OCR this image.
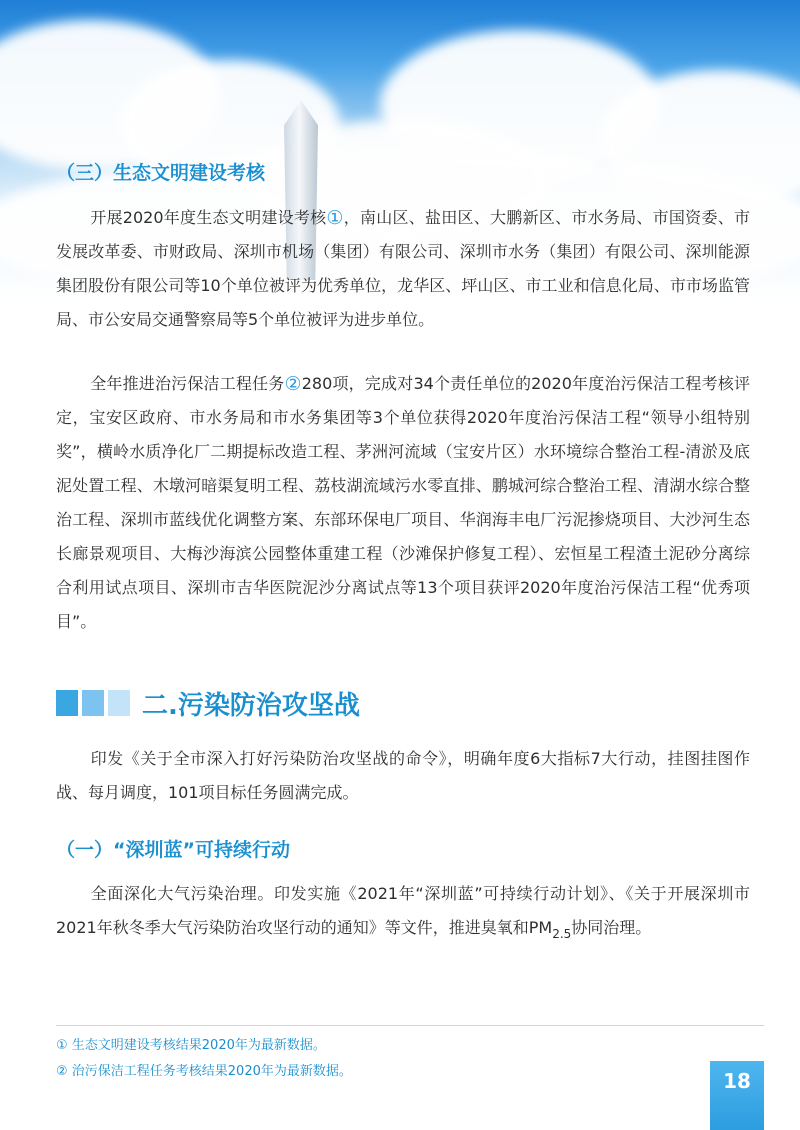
（三）生态文明建设考核
开展2020年度生态文明建设考核①，南山区、盐田区、大鹏新区、市水务局、市国资委、市发展改革委、市财政局、深圳市机场（集团）有限公司、深圳市水务（集团）有限公司、深圳能源集团股份有限公司等10个单位被评为优秀单位，龙华区、坪山区、市工业和信息化局、市市场监管局、市公安局交通警察局等5个单位被评为进步单位。
全年推进治污保洁工程任务②280项，完成对34个责任单位的2020年度治污保洁工程考核评定，宝安区政府、市水务局和市水务集团等3个单位获得2020年度治污保洁工程“领导小组特别奖”，横岭水质净化厂二期提标改造工程、茅洲河流域（宝安片区）水环境综合整治工程-清淤及底泥处置工程、木墩河暗渠复明工程、荔枝湖流域污水零直排、鹏城河综合整治工程、清湖水综合整治工程、深圳市蓝线优化调整方案、东部环保电厂项目、华润海丰电厂污泥掺烧项目、大沙河生态长廊景观项目、大梅沙海滨公园整体重建工程（沙滩保护修复工程）、宏恒星工程渣土泥砂分离综合利用试点项目、深圳市吉华医院泥沙分离试点等13个项目获评2020年度治污保洁工程“优秀项目”。
二.污染防治攻坚战
印发《关于全市深入打好污染防治攻坚战的命令》，明确年度6大指标7大行动，挂图挂图作战、每月调度，101项目标任务圆满完成。
（一）“深圳蓝”可持续行动
全面深化大气污染治理。印发实施《2021年“深圳蓝”可持续行动计划》、《关于开展深圳市2021年秋冬季大气污染防治攻坚行动的通知》等文件，推进臭氧和$PM_{2.5}$协同治理。
① 生态文明建设考核结果2020年为最新数据。
② 治污保洁工程任务考核结果2020年为最新数据。	18
